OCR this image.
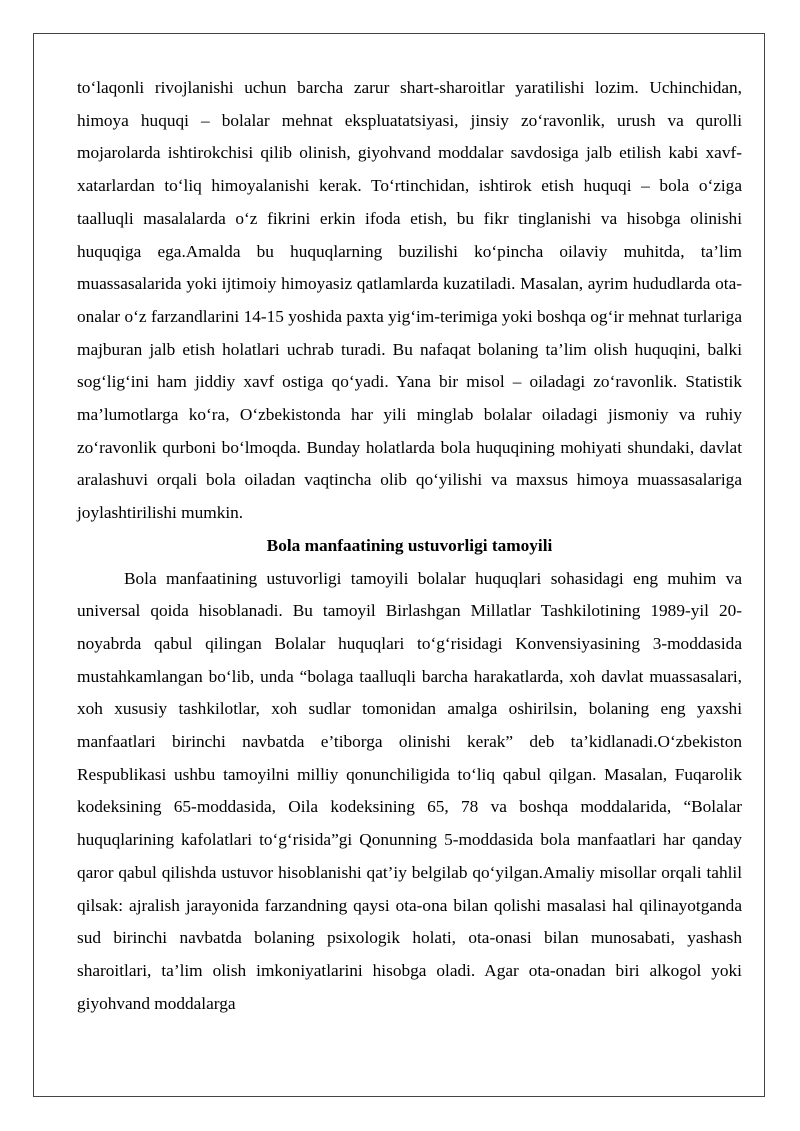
to‘laqonli rivojlanishi uchun barcha zarur shart-sharoitlar yaratilishi lozim. Uchinchidan, himoya huquqi – bolalar mehnat ekspluatatsiyasi, jinsiy zo‘ravonlik, urush va qurolli mojarolarda ishtirokchisi qilib olinish, giyohvand moddalar savdosiga jalb etilish kabi xavf-xatarlardan to‘liq himoyalanishi kerak. To‘rtinchidan, ishtirok etish huquqi – bola o‘ziga taalluqli masalalarda o‘z fikrini erkin ifoda etish, bu fikr tinglanishi va hisobga olinishi huquqiga ega.Amalda bu huquqlarning buzilishi ko‘pincha oilaviy muhitda, ta’lim muassasalarida yoki ijtimoiy himoyasiz qatlamlarda kuzatiladi. Masalan, ayrim hududlarda ota-onalar o‘z farzandlarini 14-15 yoshida paxta yig‘im-terimiga yoki boshqa og‘ir mehnat turlariga majburan jalb etish holatlari uchrab turadi. Bu nafaqat bolaning ta’lim olish huquqini, balki sog‘lig‘ini ham jiddiy xavf ostiga qo‘yadi. Yana bir misol – oiladagi zo‘ravonlik. Statistik ma’lumotlarga ko‘ra, O‘zbekistonda har yili minglab bolalar oiladagi jismoniy va ruhiy zo‘ravonlik qurboni bo‘lmoqda. Bunday holatlarda bola huquqining mohiyati shundaki, davlat aralashuvi orqali bola oiladan vaqtincha olib qo‘yilishi va maxsus himoya muassasalariga joylashtirilishi mumkin.

Bola manfaatining ustuvorligi tamoyili

Bola manfaatining ustuvorligi tamoyili bolalar huquqlari sohasidagi eng muhim va universal qoida hisoblanadi. Bu tamoyil Birlashgan Millatlar Tashkilotining 1989-yil 20-noyabrda qabul qilingan Bolalar huquqlari to‘g‘risidagi Konvensiyasining 3-moddasida mustahkamlangan bo‘lib, unda “bolaga taalluqli barcha harakatlarda, xoh davlat muassasalari, xoh xususiy tashkilotlar, xoh sudlar tomonidan amalga oshirilsin, bolaning eng yaxshi manfaatlari birinchi navbatda e’tiborga olinishi kerak” deb ta’kidlanadi.O‘zbekiston Respublikasi ushbu tamoyilni milliy qonunchiligida to‘liq qabul qilgan. Masalan, Fuqarolik kodeksining 65-moddasida, Oila kodeksining 65, 78 va boshqa moddalarida, “Bolalar huquqlarining kafolatlari to‘g‘risida”gi Qonunning 5-moddasida bola manfaatlari har qanday qaror qabul qilishda ustuvor hisoblanishi qat’iy belgilab qo‘yilgan.Amaliy misollar orqali tahlil qilsak: ajralish jarayonida farzandning qaysi ota-ona bilan qolishi masalasi hal qilinayotganda sud birinchi navbatda bolaning psixologik holati, ota-onasi bilan munosabati, yashash sharoitlari, ta’lim olish imkoniyatlarini hisobga oladi. Agar ota-onadan biri alkogol yoki giyohvand moddalarga
